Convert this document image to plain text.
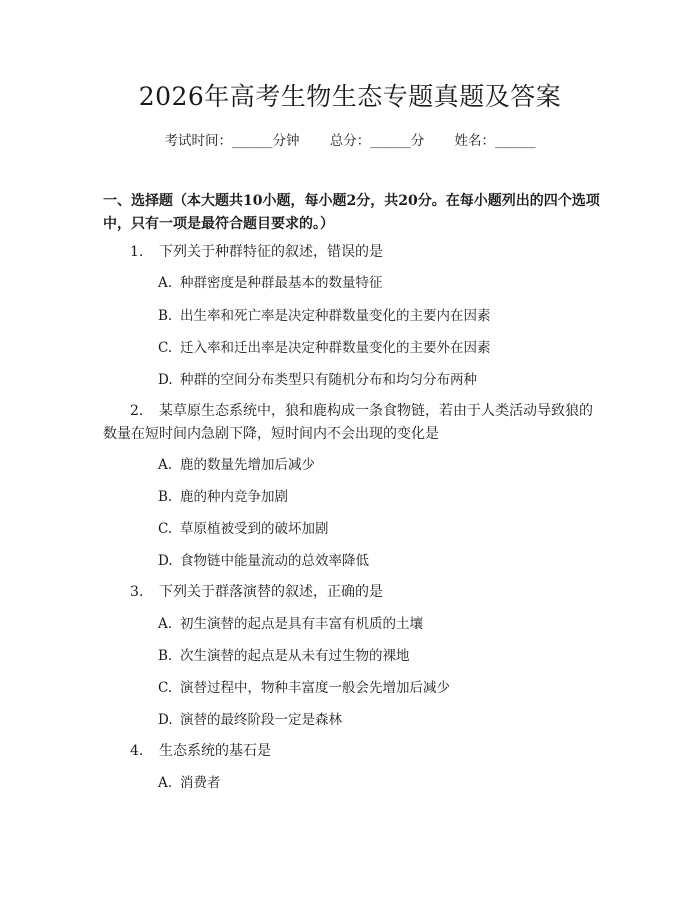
2026年高考生物生态专题真题及答案
考试时间：______分钟 总分：______分 姓名：______
一、选择题（本大题共10小题，每小题2分，共20分。在每小题列出的四个选项中，只有一项是最符合题目要求的。）
1. 下列关于种群特征的叙述，错误的是
A. 种群密度是种群最基本的数量特征
B. 出生率和死亡率是决定种群数量变化的主要内在因素
C. 迁入率和迁出率是决定种群数量变化的主要外在因素
D. 种群的空间分布类型只有随机分布和均匀分布两种
2. 某草原生态系统中，狼和鹿构成一条食物链，若由于人类活动导致狼的数量在短时间内急剧下降，短时间内不会出现的变化是
A. 鹿的数量先增加后减少
B. 鹿的种内竞争加剧
C. 草原植被受到的破坏加剧
D. 食物链中能量流动的总效率降低
3. 下列关于群落演替的叙述，正确的是
A. 初生演替的起点是具有丰富有机质的土壤
B. 次生演替的起点是从未有过生物的裸地
C. 演替过程中，物种丰富度一般会先增加后减少
D. 演替的最终阶段一定是森林
4. 生态系统的基石是
A. 消费者
